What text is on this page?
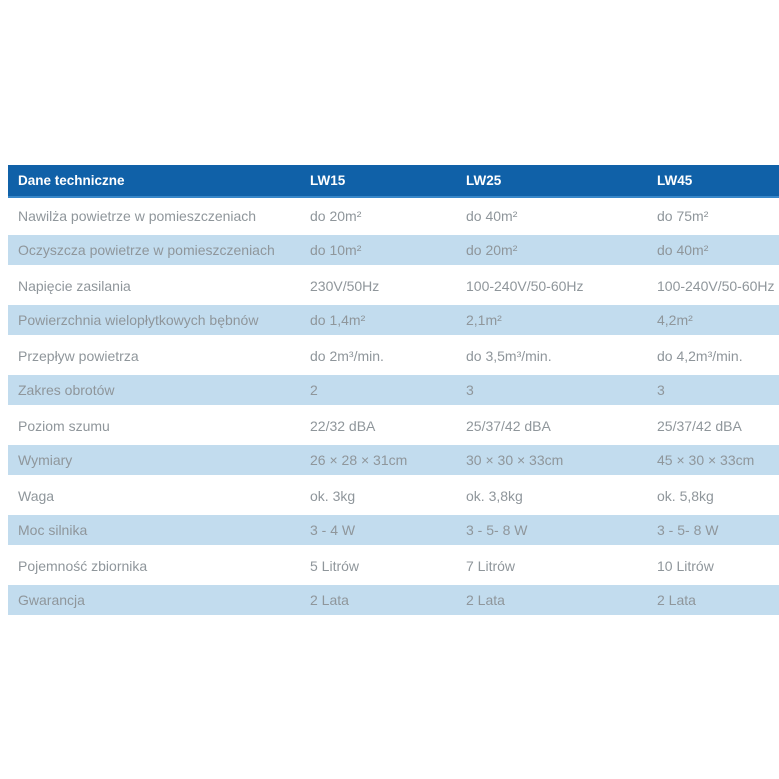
Dane techniczne	LW15	LW25	LW45
Nawilża powietrze w pomieszczeniach	do 20m²	do 40m²	do 75m²
Oczyszcza powietrze w pomieszczeniach	do 10m²	do 20m²	do 40m²
Napięcie zasilania	230V/50Hz	100-240V/50-60Hz	100-240V/50-60Hz
Powierzchnia wielopłytkowych bębnów	do 1,4m²	2,1m²	4,2m²
Przepływ powietrza	do 2m³/min.	do 3,5m³/min.	do 4,2m³/min.
Zakres obrotów	2	3	3
Poziom szumu	22/32 dBA	25/37/42 dBA	25/37/42 dBA
Wymiary	26 × 28 × 31cm	30 × 30 × 33cm	45 × 30 × 33cm
Waga	ok. 3kg	ok. 3,8kg	ok. 5,8kg
Moc silnika	3 - 4 W	3 - 5- 8 W	3 - 5- 8 W
Pojemność zbiornika	5 Litrów	7 Litrów	10 Litrów
Gwarancja	2 Lata	2 Lata	2 Lata
